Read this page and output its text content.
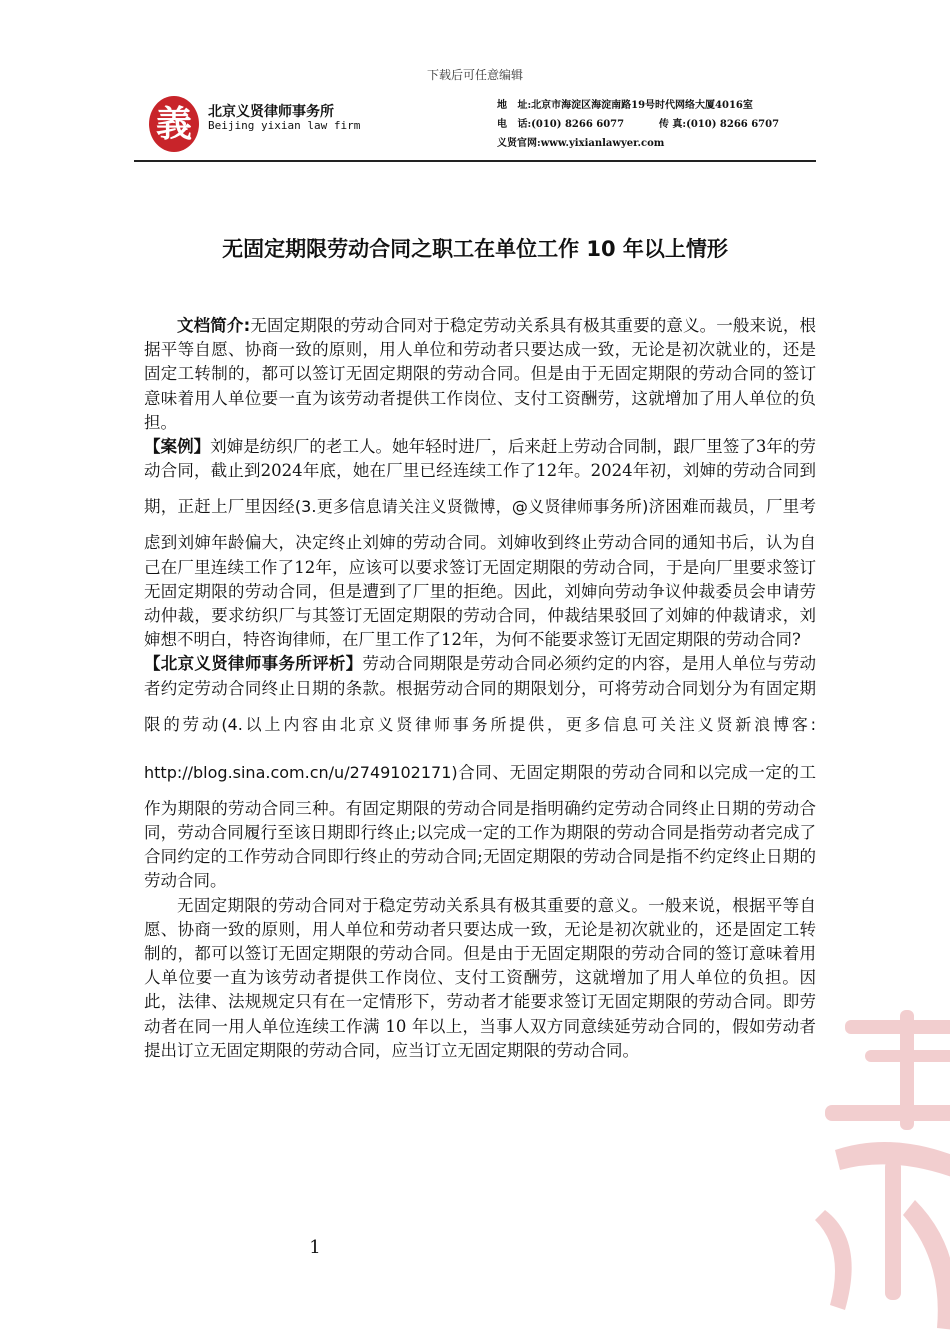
下载后可任意编辑
義 北京义贤律师事务所
Beijing yixian law firm
地   址:北京市海淀区海淀南路19号时代网络大厦4016室
电   话:(010) 8266 6077          传 真:(010) 8266 6707
义贤官网:www.yixianlawyer.com
无固定期限劳动合同之职工在单位工作 10 年以上情形

文档简介:无固定期限的劳动合同对于稳定劳动关系具有极其重要的意义。一般来说，根据平等自愿、协商一致的原则，用人单位和劳动者只要达成一致，无论是初次就业的，还是固定工转制的，都可以签订无固定期限的劳动合同。但是由于无固定期限的劳动合同的签订意味着用人单位要一直为该劳动者提供工作岗位、支付工资酬劳，这就增加了用人单位的负担。

【案例】刘婶是纺织厂的老工人。她年轻时进厂，后来赶上劳动合同制，跟厂里签了3年的劳动合同，截止到2024年底，她在厂里已经连续工作了12年。2024年初，刘婶的劳动合同到期，正赶上厂里因经(3.更多信息请关注义贤微博，@义贤律师事务所)济困难而裁员，厂里考虑到刘婶年龄偏大，决定终止刘婶的劳动合同。刘婶收到终止劳动合同的通知书后，认为自己在厂里连续工作了12年，应该可以要求签订无固定期限的劳动合同，于是向厂里要求签订无固定期限的劳动合同，但是遭到了厂里的拒绝。因此，刘婶向劳动争议仲裁委员会申请劳动仲裁，要求纺织厂与其签订无固定期限的劳动合同，仲裁结果驳回了刘婶的仲裁请求，刘婶想不明白，特咨询律师，在厂里工作了12年，为何不能要求签订无固定期限的劳动合同?

【北京义贤律师事务所评析】劳动合同期限是劳动合同必须约定的内容，是用人单位与劳动者约定劳动合同终止日期的条款。根据劳动合同的期限划分，可将劳动合同划分为有固定期限的劳动(4.以上内容由北京义贤律师事务所提供，更多信息可关注义贤新浪博客: http://blog.sina.com.cn/u/2749102171)合同、无固定期限的劳动合同和以完成一定的工作为期限的劳动合同三种。有固定期限的劳动合同是指明确约定劳动合同终止日期的劳动合同，劳动合同履行至该日期即行终止;以完成一定的工作为期限的劳动合同是指劳动者完成了合同约定的工作劳动合同即行终止的劳动合同;无固定期限的劳动合同是指不约定终止日期的劳动合同。

无固定期限的劳动合同对于稳定劳动关系具有极其重要的意义。一般来说，根据平等自愿、协商一致的原则，用人单位和劳动者只要达成一致，无论是初次就业的，还是固定工转制的，都可以签订无固定期限的劳动合同。但是由于无固定期限的劳动合同的签订意味着用人单位要一直为该劳动者提供工作岗位、支付工资酬劳，这就增加了用人单位的负担。因此，法律、法规规定只有在一定情形下，劳动者才能要求签订无固定期限的劳动合同。即劳动者在同一用人单位连续工作满 10 年以上，当事人双方同意续延劳动合同的，假如劳动者提出订立无固定期限的劳动合同，应当订立无固定期限的劳动合同。

1
